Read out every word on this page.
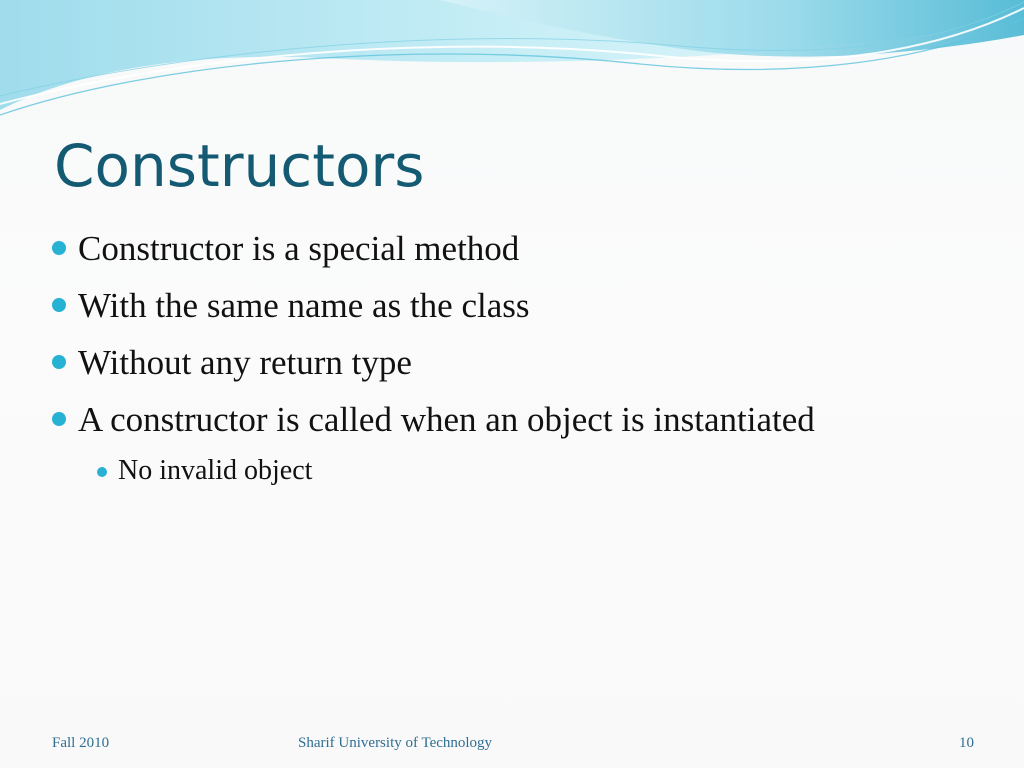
Constructors
Constructor is a special method
With the same name as the class
Without any return type
A constructor is called when an object is instantiated
No invalid object
Fall 2010	Sharif University of Technology	10
